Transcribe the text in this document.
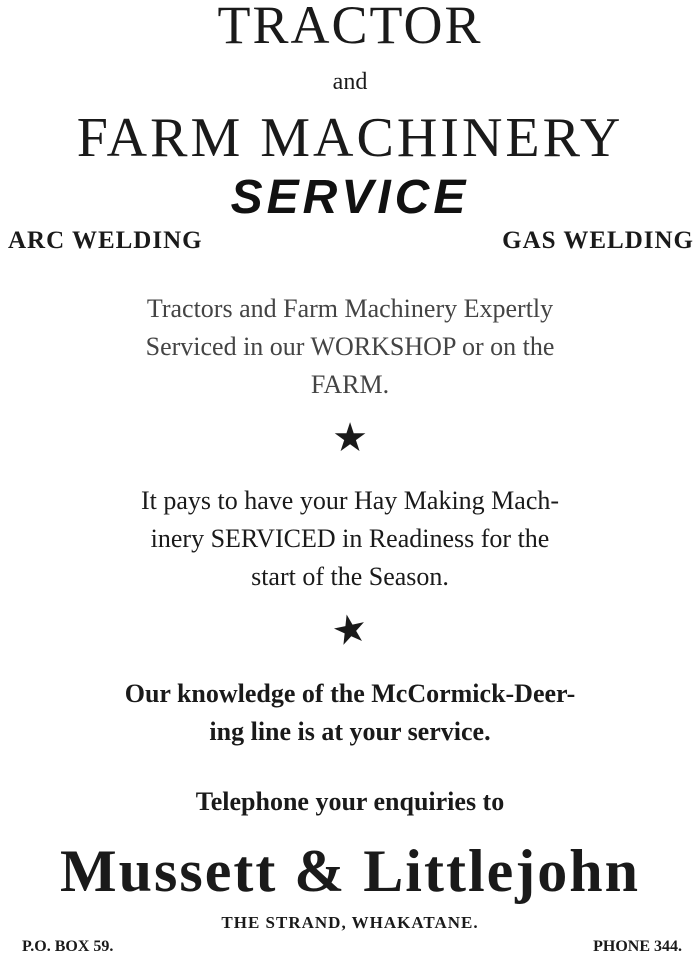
TRACTOR
and
FARM MACHINERY
SERVICE
ARC WELDING	GAS WELDING
Tractors and Farm Machinery Expertly
Serviced in our WORKSHOP or on the
FARM.
★
It pays to have your Hay Making Mach-
inery SERVICED in Readiness for the
start of the Season.
★
Our knowledge of the McCormick-Deer-
ing line is at your service.
Telephone your enquiries to
Mussett & Littlejohn
THE STRAND, WHAKATANE.
P.O. BOX 59.	PHONE 344.
